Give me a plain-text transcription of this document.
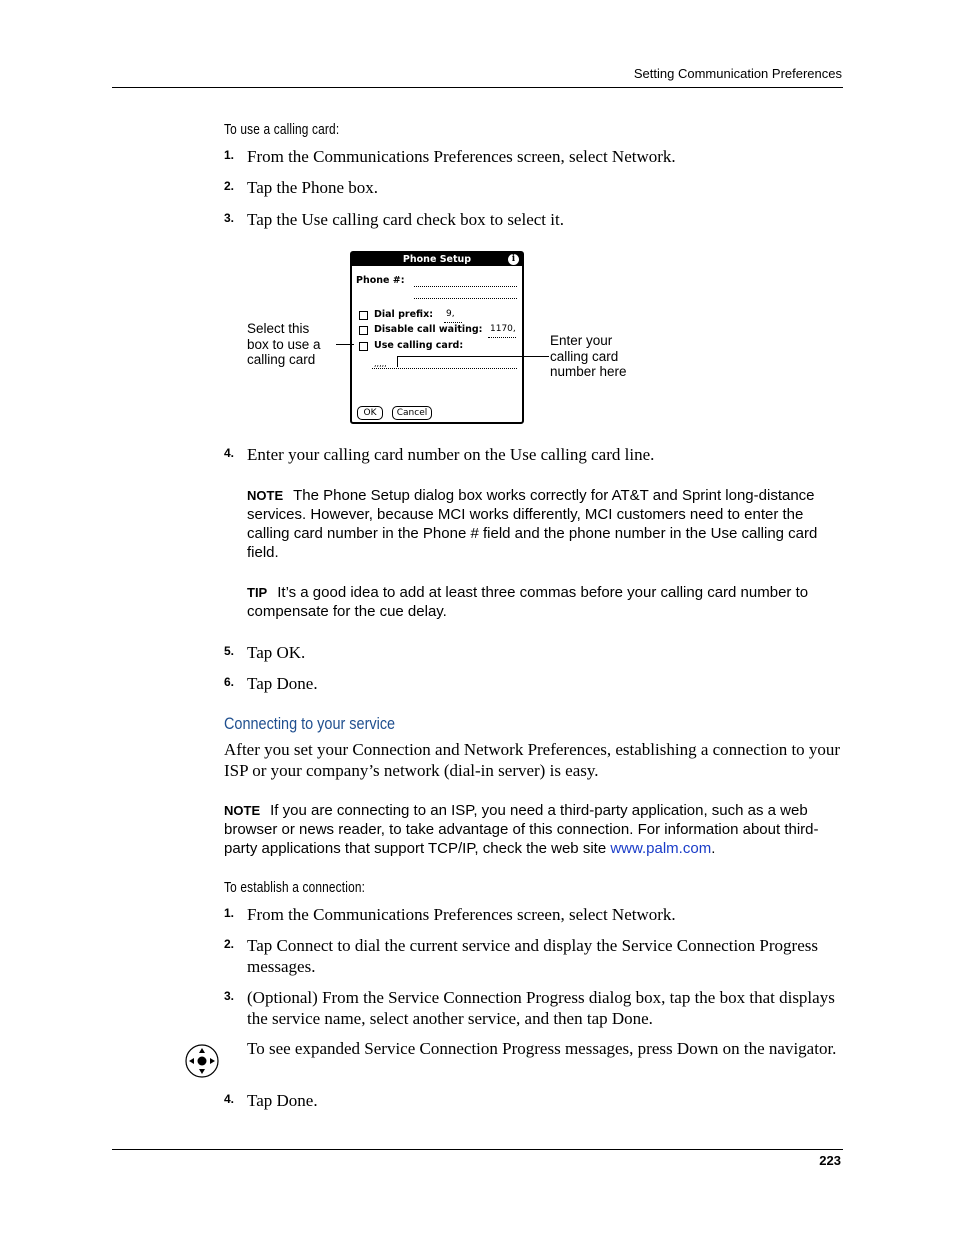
Setting Communication Preferences
To use a calling card:
1. From the Communications Preferences screen, select Network.
2. Tap the Phone box.
3. Tap the Use calling card check box to select it.
Phone Setup	i
Phone #:
Dial prefix: 9,
Disable call waiting: 1170,
Use calling card:
,,,,,
OK	Cancel
Select this
box to use a
calling card
Enter your
calling card
number here
4. Enter your calling card number on the Use calling card line.
NOTE The Phone Setup dialog box works correctly for AT&T and Sprint long-distance services. However, because MCI works differently, MCI customers need to enter the calling card number in the Phone # field and the phone number in the Use calling card field.
TIP It’s a good idea to add at least three commas before your calling card number to compensate for the cue delay.
5. Tap OK.
6. Tap Done.
Connecting to your service
After you set your Connection and Network Preferences, establishing a connection to your ISP or your company’s network (dial-in server) is easy.
NOTE If you are connecting to an ISP, you need a third-party application, such as a web browser or news reader, to take advantage of this connection. For information about third-party applications that support TCP/IP, check the web site www.palm.com.
To establish a connection:
1. From the Communications Preferences screen, select Network.
2. Tap Connect to dial the current service and display the Service Connection Progress messages.
3. (Optional) From the Service Connection Progress dialog box, tap the box that displays the service name, select another service, and then tap Done.
To see expanded Service Connection Progress messages, press Down on the navigator.
4. Tap Done.
223
